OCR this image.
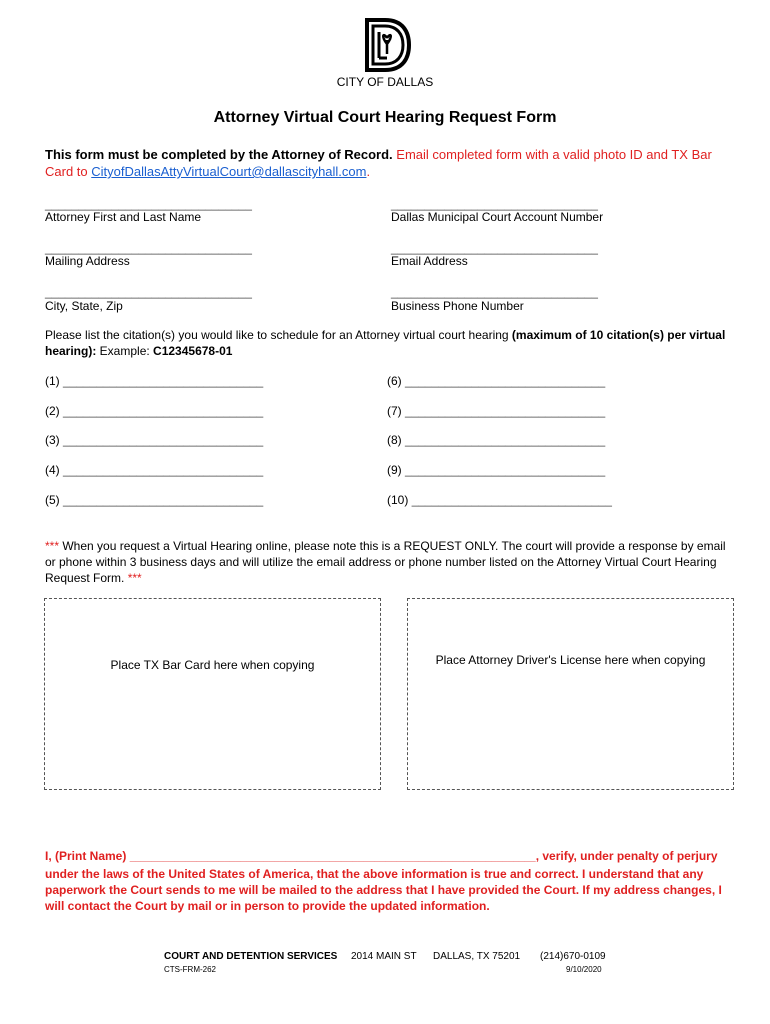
CITY OF DALLAS
Attorney Virtual Court Hearing Request Form
This form must be completed by the Attorney of Record. Email completed form with a valid photo ID and TX Bar Card to CityofDallasAttyVirtualCourt@dallascityhall.com.
_______________________________
Attorney First and Last Name
_______________________________
Dallas Municipal Court Account Number
_______________________________
Mailing Address
_______________________________
Email Address
_______________________________
City, State, Zip
_______________________________
Business Phone Number
Please list the citation(s) you would like to schedule for an Attorney virtual court hearing (maximum of 10 citation(s) per virtual hearing): Example: C12345678-01
(1) ______________________________
(2) ______________________________
(3) ______________________________
(4) ______________________________
(5) ______________________________
(6) ______________________________
(7) ______________________________
(8) ______________________________
(9) ______________________________
(10) ______________________________
*** When you request a Virtual Hearing online, please note this is a REQUEST ONLY. The court will provide a response by email or phone within 3 business days and will utilize the email address or phone number listed on the Attorney Virtual Court Hearing Request Form. ***
Place TX Bar Card here when copying	Place Attorney Driver's License here when copying
I, (Print Name) _________________________________________________________________________, verify, under penalty of perjury under the laws of the United States of America, that the above information is true and correct. I understand that any paperwork the Court sends to me will be mailed to the address that I have provided the Court. If my address changes, I will contact the Court by mail or in person to provide the updated information.
COURT AND DETENTION SERVICES 2014 MAIN ST DALLAS, TX 75201 (214)670-0109
CTS-FRM-262	9/10/2020
